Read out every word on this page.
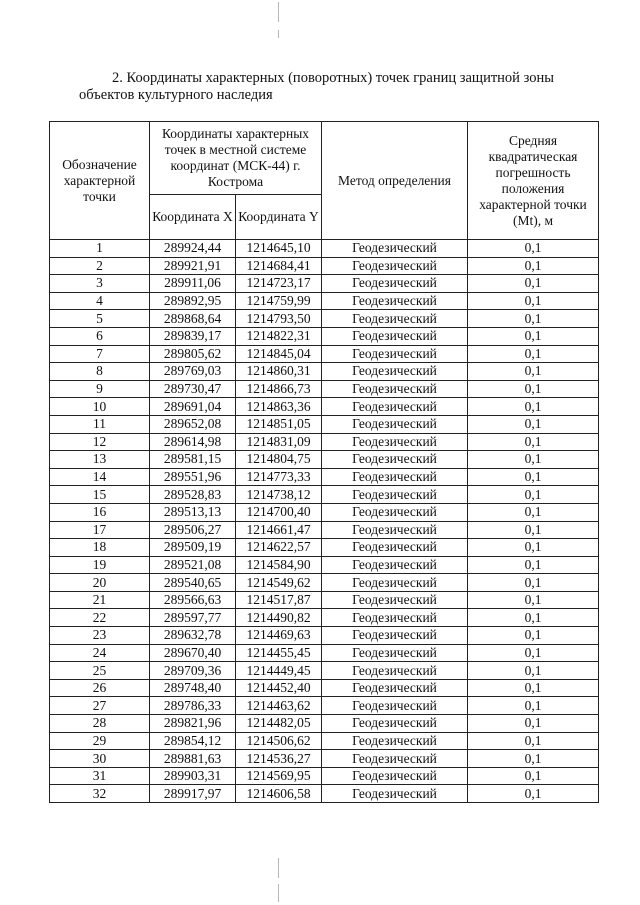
2. Координаты характерных (поворотных) точек границ защитной зоны
объектов культурного наследия
Обозначение характерной точки	Координаты характерных точек в местной системе координат (МСК-44) г. Кострома		Метод определения	Средняя квадратическая погрешность положения характерной точки (Mt), м
	Координата X	Координата Y		
1	289924,44	1214645,10	Геодезический	0,1
2	289921,91	1214684,41	Геодезический	0,1
3	289911,06	1214723,17	Геодезический	0,1
4	289892,95	1214759,99	Геодезический	0,1
5	289868,64	1214793,50	Геодезический	0,1
6	289839,17	1214822,31	Геодезический	0,1
7	289805,62	1214845,04	Геодезический	0,1
8	289769,03	1214860,31	Геодезический	0,1
9	289730,47	1214866,73	Геодезический	0,1
10	289691,04	1214863,36	Геодезический	0,1
11	289652,08	1214851,05	Геодезический	0,1
12	289614,98	1214831,09	Геодезический	0,1
13	289581,15	1214804,75	Геодезический	0,1
14	289551,96	1214773,33	Геодезический	0,1
15	289528,83	1214738,12	Геодезический	0,1
16	289513,13	1214700,40	Геодезический	0,1
17	289506,27	1214661,47	Геодезический	0,1
18	289509,19	1214622,57	Геодезический	0,1
19	289521,08	1214584,90	Геодезический	0,1
20	289540,65	1214549,62	Геодезический	0,1
21	289566,63	1214517,87	Геодезический	0,1
22	289597,77	1214490,82	Геодезический	0,1
23	289632,78	1214469,63	Геодезический	0,1
24	289670,40	1214455,45	Геодезический	0,1
25	289709,36	1214449,45	Геодезический	0,1
26	289748,40	1214452,40	Геодезический	0,1
27	289786,33	1214463,62	Геодезический	0,1
28	289821,96	1214482,05	Геодезический	0,1
29	289854,12	1214506,62	Геодезический	0,1
30	289881,63	1214536,27	Геодезический	0,1
31	289903,31	1214569,95	Геодезический	0,1
32	289917,97	1214606,58	Геодезический	0,1
